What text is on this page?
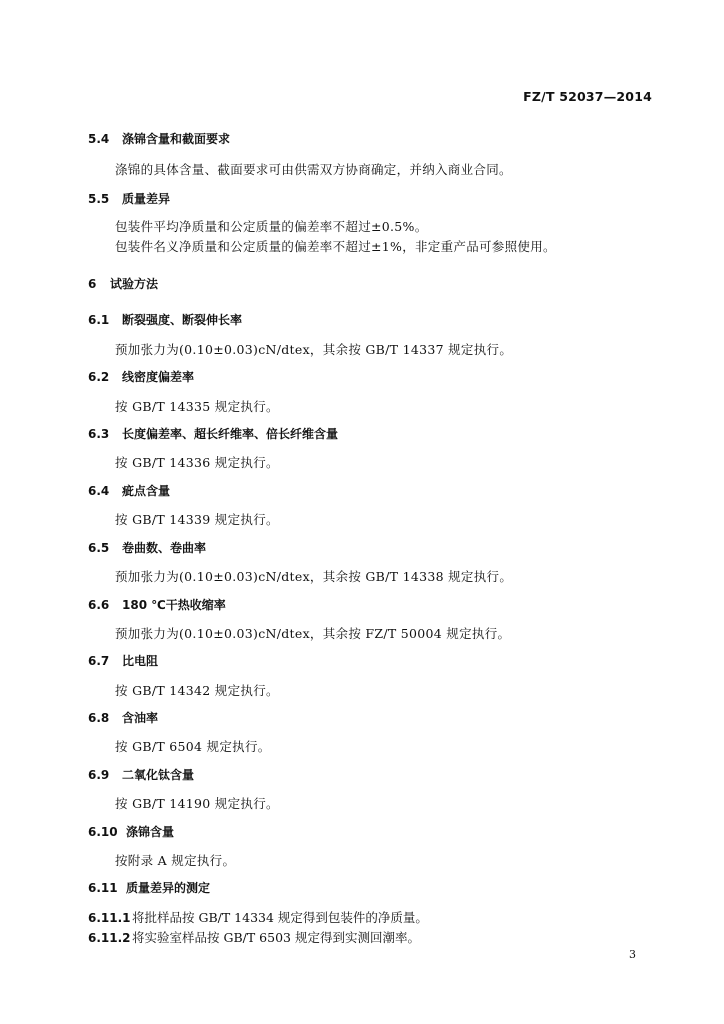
FZ/T 52037—2014
5.4 涤锦含量和截面要求
涤锦的具体含量、截面要求可由供需双方协商确定，并纳入商业合同。
5.5 质量差异
包装件平均净质量和公定质量的偏差率不超过±0.5%。
包装件名义净质量和公定质量的偏差率不超过±1%，非定重产品可参照使用。
6 试验方法
6.1 断裂强度、断裂伸长率
预加张力为(0.10±0.03)cN/dtex，其余按 GB/T 14337 规定执行。
6.2 线密度偏差率
按 GB/T 14335 规定执行。
6.3 长度偏差率、超长纤维率、倍长纤维含量
按 GB/T 14336 规定执行。
6.4 疵点含量
按 GB/T 14339 规定执行。
6.5 卷曲数、卷曲率
预加张力为(0.10±0.03)cN/dtex，其余按 GB/T 14338 规定执行。
6.6 180 ℃干热收缩率
预加张力为(0.10±0.03)cN/dtex，其余按 FZ/T 50004 规定执行。
6.7 比电阻
按 GB/T 14342 规定执行。
6.8 含油率
按 GB/T 6504 规定执行。
6.9 二氧化钛含量
按 GB/T 14190 规定执行。
6.10 涤锦含量
按附录 A 规定执行。
6.11 质量差异的测定
6.11.1将批样品按 GB/T 14334 规定得到包装件的净质量。
6.11.2将实验室样品按 GB/T 6503 规定得到实测回潮率。
3
